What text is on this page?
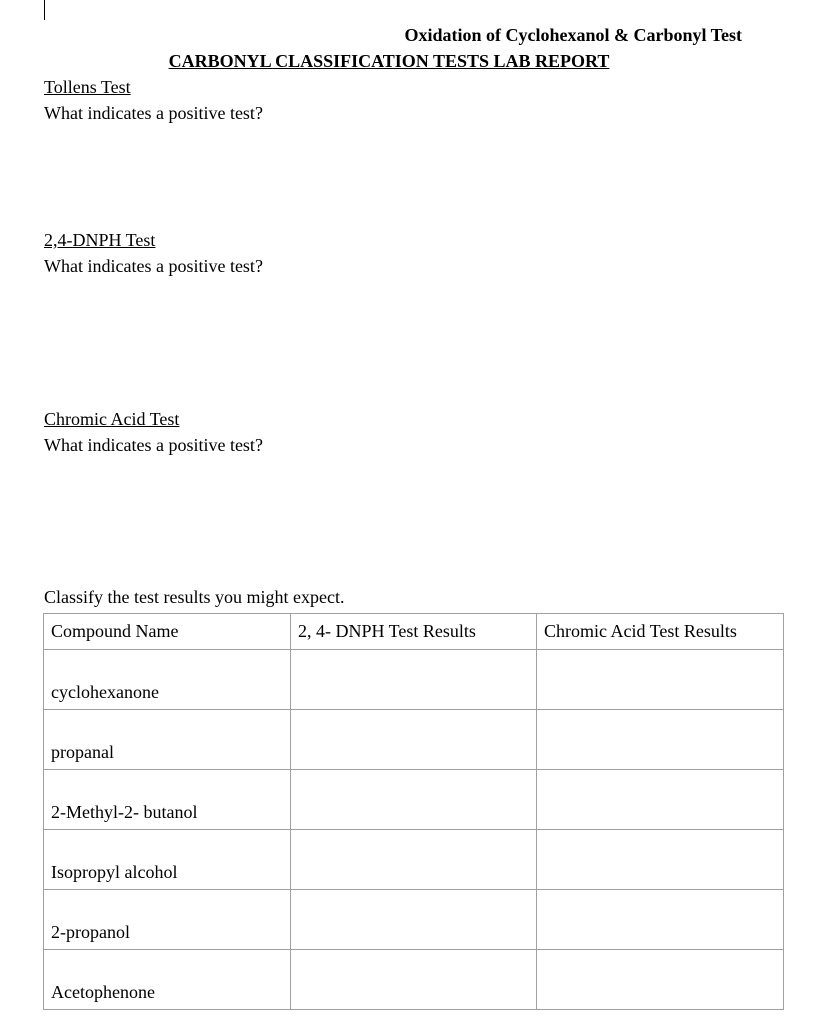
Oxidation of Cyclohexanol & Carbonyl Test
CARBONYL CLASSIFICATION TESTS LAB REPORT
Tollens Test
What indicates a positive test?
2,4-DNPH Test
What indicates a positive test?
Chromic Acid Test
What indicates a positive test?
Classify the test results you might expect.
Compound Name	2, 4- DNPH Test Results	Chromic Acid Test Results
cyclohexanone		
propanal		
2-Methyl-2- butanol		
Isopropyl alcohol		
2-propanol		
Acetophenone		
